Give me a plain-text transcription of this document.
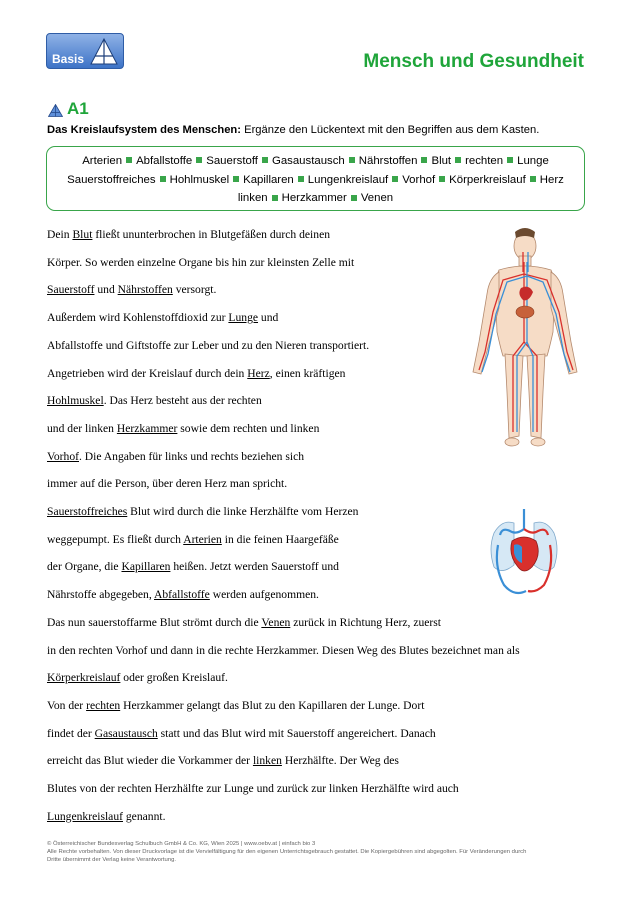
Basis	Mensch und Gesundheit
A1
Das Kreislaufsystem des Menschen: Ergänze den Lückentext mit den Begriffen aus dem Kasten.
Arterien Abfallstoffe Sauerstoff Gasaustausch Nährstoffen Blut rechten Lunge
Sauerstoffreiches Hohlmuskel Kapillaren Lungenkreislauf Vorhof Körperkreislauf Herz
linken Herzkammer Venen
Dein Blut fließt ununterbrochen in Blutgefäßen durch deinen
Körper. So werden einzelne Organe bis hin zur kleinsten Zelle mit
Sauerstoff und Nährstoffen versorgt.
Außerdem wird Kohlenstoffdioxid zur Lunge und
Abfallstoffe und Giftstoffe zur Leber und zu den Nieren transportiert.
Angetrieben wird der Kreislauf durch dein Herz, einen kräftigen
Hohlmuskel. Das Herz besteht aus der rechten
und der linken Herzkammer sowie dem rechten und linken
Vorhof. Die Angaben für links und rechts beziehen sich
immer auf die Person, über deren Herz man spricht.
Sauerstoffreiches Blut wird durch die linke Herzhälfte vom Herzen
weggepumpt. Es fließt durch Arterien in die feinen Haargefäße
der Organe, die Kapillaren heißen. Jetzt werden Sauerstoff und
Nährstoffe abgegeben, Abfallstoffe werden aufgenommen.
Das nun sauerstoffarme Blut strömt durch die Venen zurück in Richtung Herz, zuerst
in den rechten Vorhof und dann in die rechte Herzkammer. Diesen Weg des Blutes bezeichnet man als
Körperkreislauf oder großen Kreislauf.
Von der rechten Herzkammer gelangt das Blut zu den Kapillaren der Lunge. Dort
findet der Gasaustausch statt und das Blut wird mit Sauerstoff angereichert. Danach
erreicht das Blut wieder die Vorkammer der linken Herzhälfte. Der Weg des
Blutes von der rechten Herzhälfte zur Lunge und zurück zur linken Herzhälfte wird auch
Lungenkreislauf genannt.
© Österreichischer Bundesverlag Schulbuch GmbH & Co. KG, Wien 2025 | www.oebv.at | einfach bio 3
Alle Rechte vorbehalten. Von dieser Druckvorlage ist die Vervielfältigung für den eigenen Unterrichtsgebrauch gestattet. Die Kopiergebühren sind abgegolten. Für Veränderungen durch
Dritte übernimmt der Verlag keine Verantwortung.
